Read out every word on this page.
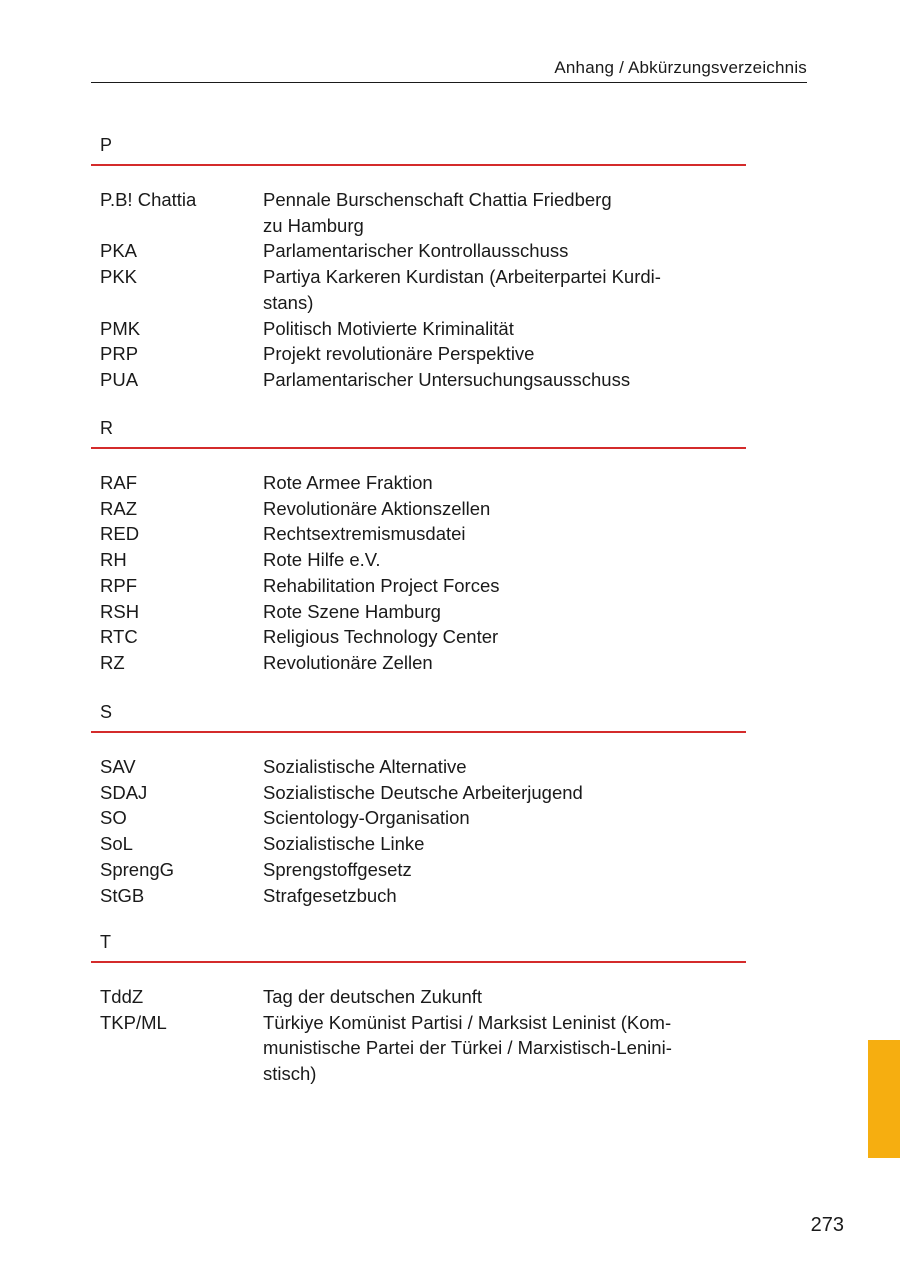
Anhang / Abkürzungsverzeichnis
P
P.B! Chattia	Pennale Burschenschaft Chattia Friedberg
zu Hamburg
PKA	Parlamentarischer Kontrollausschuss
PKK	Partiya Karkeren Kurdistan (Arbeiterpartei Kurdi-
stans)
PMK	Politisch Motivierte Kriminalität
PRP	Projekt revolutionäre Perspektive
PUA	Parlamentarischer Untersuchungsausschuss
R
RAF	Rote Armee Fraktion
RAZ	Revolutionäre Aktionszellen
RED	Rechtsextremismusdatei
RH	Rote Hilfe e.V.
RPF	Rehabilitation Project Forces
RSH	Rote Szene Hamburg
RTC	Religious Technology Center
RZ	Revolutionäre Zellen
S
SAV	Sozialistische Alternative
SDAJ	Sozialistische Deutsche Arbeiterjugend
SO	Scientology-Organisation
SoL	Sozialistische Linke
SprengG	Sprengstoffgesetz
StGB	Strafgesetzbuch
T
TddZ	Tag der deutschen Zukunft
TKP/ML	Türkiye Komünist Partisi / Marksist Leninist (Kom-
munistische Partei der Türkei / Marxistisch-Lenini-
stisch)
273
